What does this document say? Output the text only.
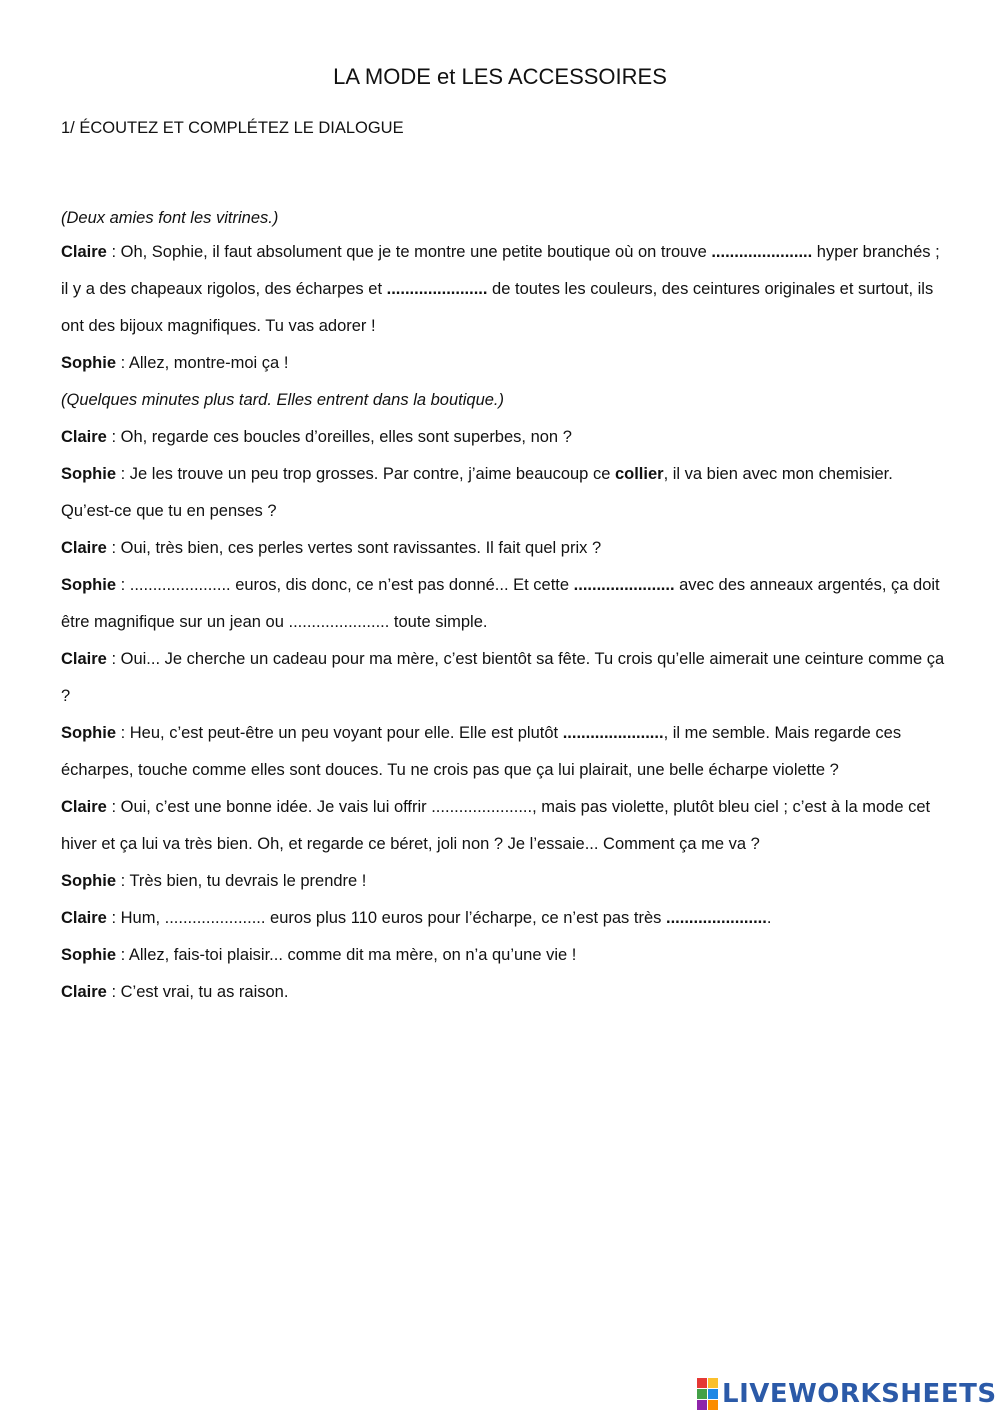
LA MODE et LES ACCESSOIRES
1/ ÉCOUTEZ ET COMPLÉTEZ LE DIALOGUE

(Deux amies font les vitrines.)

Claire : Oh, Sophie, il faut absolument que je te montre une petite boutique où on trouve ...................... hyper branchés ; il y a des chapeaux rigolos, des écharpes et ...................... de toutes les couleurs, des ceintures originales et surtout, ils ont des bijoux magnifiques. Tu vas adorer !

Sophie : Allez, montre-moi ça !

(Quelques minutes plus tard. Elles entrent dans la boutique.)

Claire : Oh, regarde ces boucles d’oreilles, elles sont superbes, non ?

Sophie : Je les trouve un peu trop grosses. Par contre, j’aime beaucoup ce collier, il va bien avec mon chemisier. Qu’est-ce que tu en penses ?

Claire : Oui, très bien, ces perles vertes sont ravissantes. Il fait quel prix ?

Sophie : ...................... euros, dis donc, ce n’est pas donné... Et cette ...................... avec des anneaux argentés, ça doit être magnifique sur un jean ou ...................... toute simple.

Claire : Oui... Je cherche un cadeau pour ma mère, c’est bientôt sa fête. Tu crois qu’elle aimerait une ceinture comme ça ?

Sophie : Heu, c’est peut-être un peu voyant pour elle. Elle est plutôt ......................, il me semble. Mais regarde ces écharpes, touche comme elles sont douces. Tu ne crois pas que ça lui plairait, une belle écharpe violette ?

Claire : Oui, c’est une bonne idée. Je vais lui offrir ......................, mais pas violette, plutôt bleu ciel ; c’est à la mode cet hiver et ça lui va très bien. Oh, et regarde ce béret, joli non ? Je l’essaie... Comment ça me va ?

Sophie : Très bien, tu devrais le prendre !

Claire : Hum, ...................... euros plus 110 euros pour l’écharpe, ce n’est pas très .......................

Sophie : Allez, fais-toi plaisir... comme dit ma mère, on n’a qu’une vie !

Claire : C’est vrai, tu as raison.

LIVEWORKSHEETS
